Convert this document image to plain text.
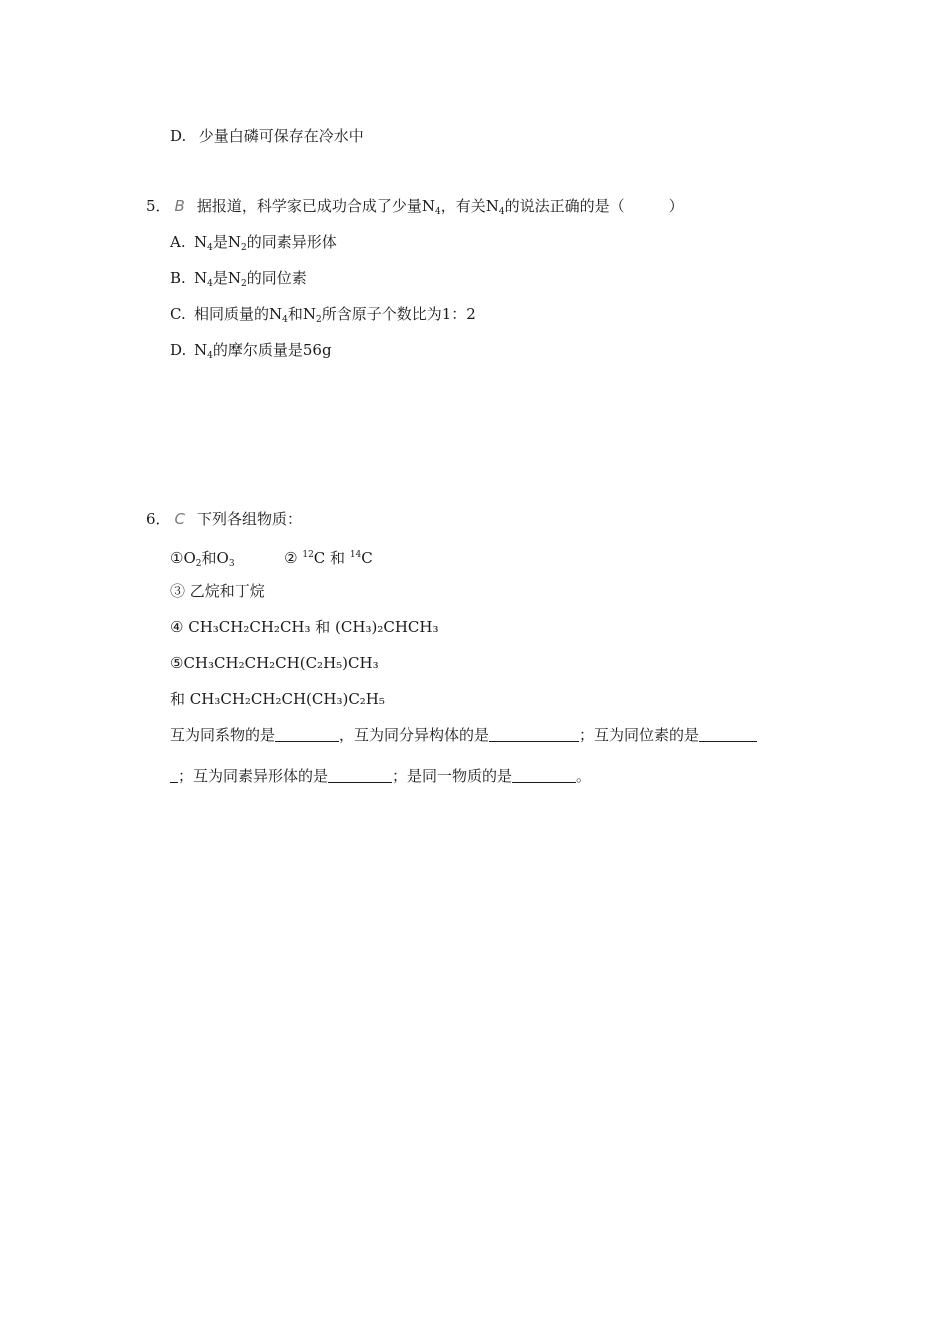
D. 少量白磷可保存在冷水中
5． B 据报道，科学家已成功合成了少量$N_4$，有关$N_4$的说法正确的是（	）
A. $N_4$是$N_2$的同素异形体
B. $N_4$是$N_2$的同位素
C. 相同质量的$N_4$和$N_2$所含原子个数比为1：2
D. $N_4$的摩尔质量是56g
6． C 下列各组物质：
$①O_2$和$O_3$	② $^{12}$C 和 $^{14}$C
③ 乙烷和丁烷
④ CH₃CH₂CH₂CH₃ 和 (CH₃)₂CHCH₃
⑤CH₃CH₂CH₂CH(C₂H₅)CH₃
和 CH₃CH₂CH₂CH(CH₃)C₂H₅
互为同系物的是	，互为同分异构体的是	；互为同位素的是
；互为同素异形体的是	；是同一物质的是	。
